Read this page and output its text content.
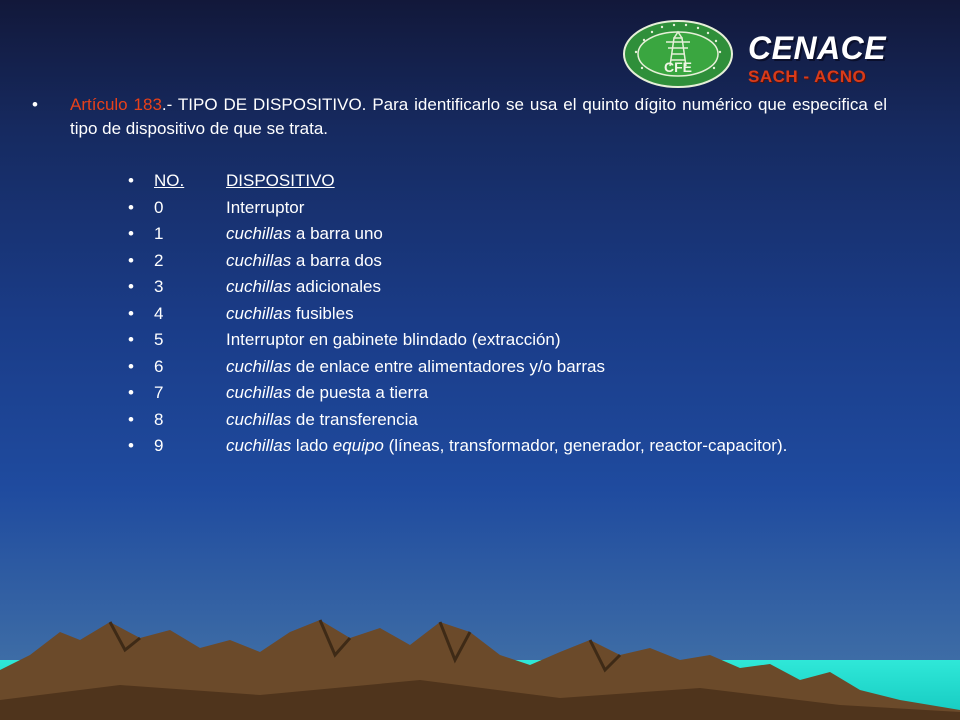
CFE
CENACE
SACH - ACNO
• Artículo 183.- TIPO DE DISPOSITIVO. Para identificarlo se usa el quinto dígito numérico que especifica el tipo de dispositivo de que se trata.

•	NO.	DISPOSITIVO
•	0	Interruptor
•	1	cuchillas a barra uno
•	2	cuchillas a barra dos
•	3	cuchillas adicionales
•	4	cuchillas fusibles
•	5	Interruptor en gabinete blindado (extracción)
•	6	cuchillas de enlace entre alimentadores y/o barras
•	7	cuchillas de puesta a tierra
•	8	cuchillas de transferencia
•	9	cuchillas lado equipo (líneas, transformador, generador, reactor-capacitor).
